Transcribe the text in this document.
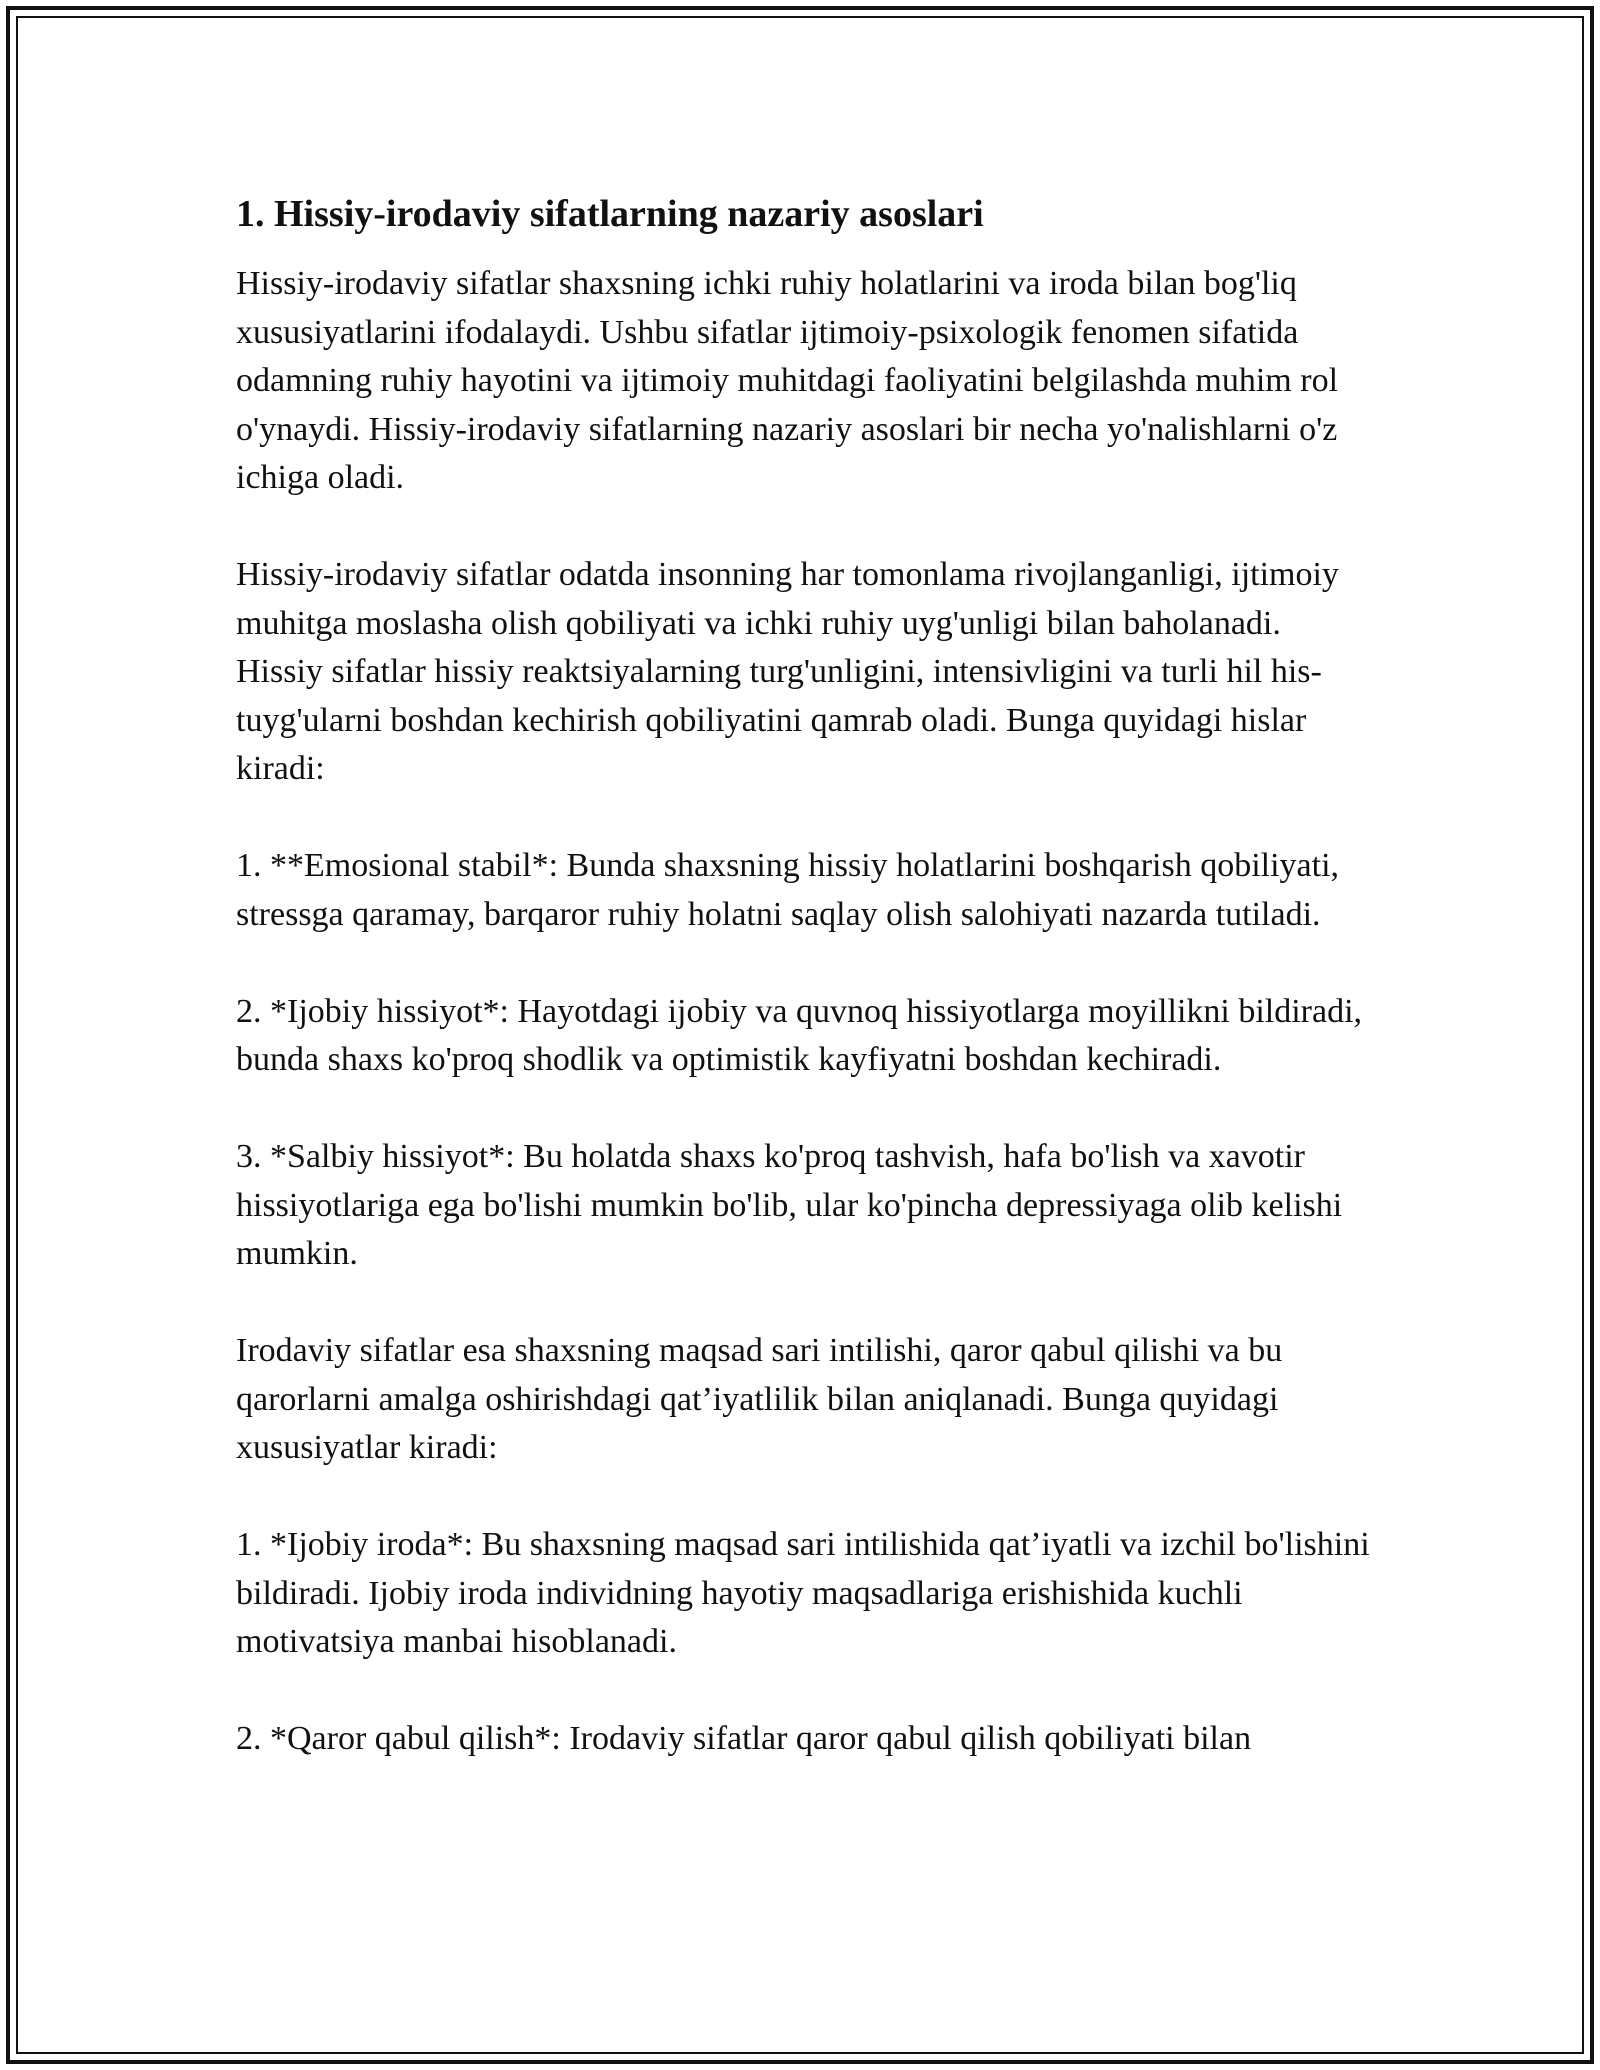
1. Hissiy-irodaviy sifatlarning nazariy asoslari

Hissiy-irodaviy sifatlar shaxsning ichki ruhiy holatlarini va iroda bilan bog'liq xususiyatlarini ifodalaydi. Ushbu sifatlar ijtimoiy-psixologik fenomen sifatida odamning ruhiy hayotini va ijtimoiy muhitdagi faoliyatini belgilashda muhim rol o'ynaydi. Hissiy-irodaviy sifatlarning nazariy asoslari bir necha yo'nalishlarni o'z ichiga oladi.

Hissiy-irodaviy sifatlar odatda insonning har tomonlama rivojlanganligi, ijtimoiy muhitga moslasha olish qobiliyati va ichki ruhiy uyg'unligi bilan baholanadi. Hissiy sifatlar hissiy reaktsiyalarning turg'unligini, intensivligini va turli hil his-tuyg'ularni boshdan kechirish qobiliyatini qamrab oladi. Bunga quyidagi hislar kiradi:

1. **Emosional stabil*: Bunda shaxsning hissiy holatlarini boshqarish qobiliyati, stressga qaramay, barqaror ruhiy holatni saqlay olish salohiyati nazarda tutiladi.

2. *Ijobiy hissiyot*: Hayotdagi ijobiy va quvnoq hissiyotlarga moyillikni bildiradi, bunda shaxs ko'proq shodlik va optimistik kayfiyatni boshdan kechiradi.

3. *Salbiy hissiyot*: Bu holatda shaxs ko'proq tashvish, hafa bo'lish va xavotir hissiyotlariga ega bo'lishi mumkin bo'lib, ular ko'pincha depressiyaga olib kelishi mumkin.

Irodaviy sifatlar esa shaxsning maqsad sari intilishi, qaror qabul qilishi va bu qarorlarni amalga oshirishdagi qat’iyatlilik bilan aniqlanadi. Bunga quyidagi xususiyatlar kiradi:

1. *Ijobiy iroda*: Bu shaxsning maqsad sari intilishida qat’iyatli va izchil bo'lishini bildiradi. Ijobiy iroda individning hayotiy maqsadlariga erishishida kuchli motivatsiya manbai hisoblanadi.

2. *Qaror qabul qilish*: Irodaviy sifatlar qaror qabul qilish qobiliyati bilan
